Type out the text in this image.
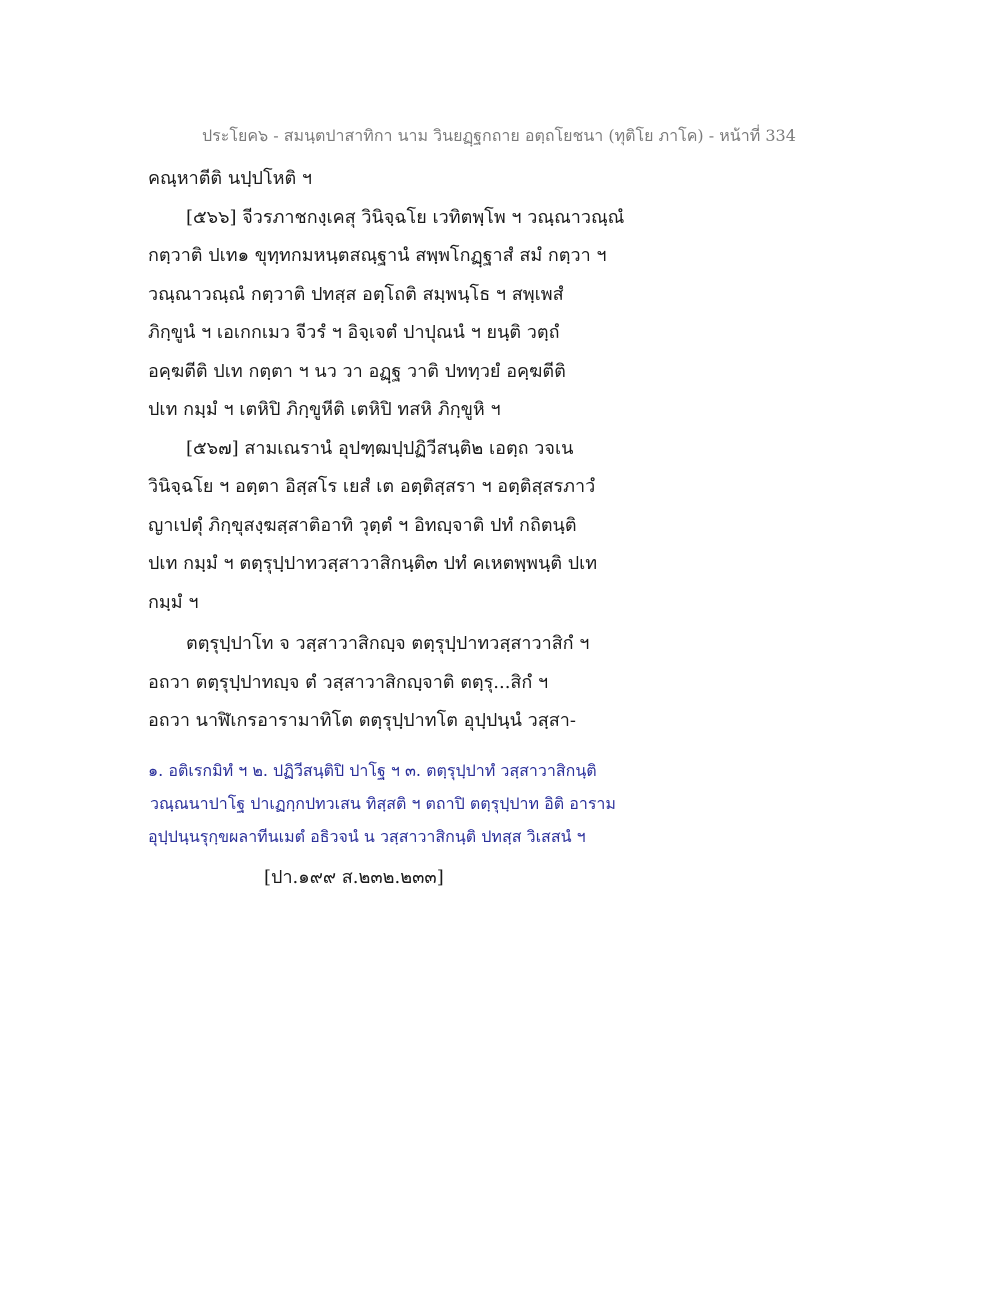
ประโยค๖ - สมนฺตปาสาทิกา นาม วินยฏฺฐกถาย อตฺถโยชนา (ทุติโย ภาโค) - หน้าที่ 334
คณฺหาตีติ นปฺปโหติ ฯ
[๕๖๖] จีวรภาชกงฺเคสุ วินิจฺฉโย เวทิตพฺโพ ฯ วณฺณาวณฺณํ
กตฺวาติ ปเท๑ ขุทฺทกมหนฺตสณฺฐานํ สพฺพโกฏฺฐาสํ สมํ กตฺวา ฯ
วณฺณาวณฺณํ กตฺวาติ ปทสฺส อตฺโถติ สมฺพนฺโธ ฯ สพฺเพสํ
ภิกฺขูนํ ฯ เอเกกเมว จีวรํ ฯ อิจฺเจตํ ปาปุณนํ ฯ ยนฺติ วตฺถํ
อคฺฆตีติ ปเท กตฺตา ฯ นว วา อฏฺฐ วาติ ปททฺวยํ อคฺฆตีติ
ปเท กมฺมํ ฯ เตหิปิ ภิกฺขูหีติ เตหิปิ ทสหิ ภิกฺขูหิ ฯ
[๕๖๗] สามเณรานํ อุปฑฺฒปฺปฏิวีสนฺติ๒ เอตฺถ วจเน
วินิจฺฉโย ฯ อตฺตา อิสฺสโร เยสํ เต อตฺติสฺสรา ฯ อตฺติสฺสรภาวํ
ญาเปตุํ ภิกฺขุสงฺฆสฺสาติอาทิ วุตฺตํ ฯ อิทญฺจาติ ปทํ กถิตนฺติ
ปเท กมฺมํ ฯ ตตฺรุปฺปาทวสฺสาวาสิกนฺติ๓ ปทํ คเหตพฺพนฺติ ปเท
กมฺมํ ฯ
ตตฺรุปฺปาโท จ วสฺสาวาสิกญฺจ ตตฺรุปฺปาทวสฺสาวาสิกํ ฯ
อถวา ตตฺรุปฺปาทญฺจ ตํ วสฺสาวาสิกญฺจาติ ตตฺรุ...สิกํ ฯ
อถวา นาฬิเกรอารามาทิโต ตตฺรุปฺปาทโต อุปฺปนฺนํ วสฺสา-
๑. อติเรกมิทํ ฯ ๒. ปฏิวีสนฺติปิ ปาโฐ ฯ ๓. ตตฺรุปฺปาทํ วสฺสาวาสิกนฺติ
วณฺณนาปาโฐ ปาเฏกฺกปทวเสน ทิสฺสติ ฯ ตถาปิ ตตฺรุปฺปาท อิติ อาราม
อุปฺปนฺนรุกฺขผลาทีนเมตํ อธิวจนํ น วสฺสาวาสิกนฺติ ปทสฺส วิเสสนํ ฯ
[ปา.๑๙๙ ส.๒๓๒.๒๓๓]
